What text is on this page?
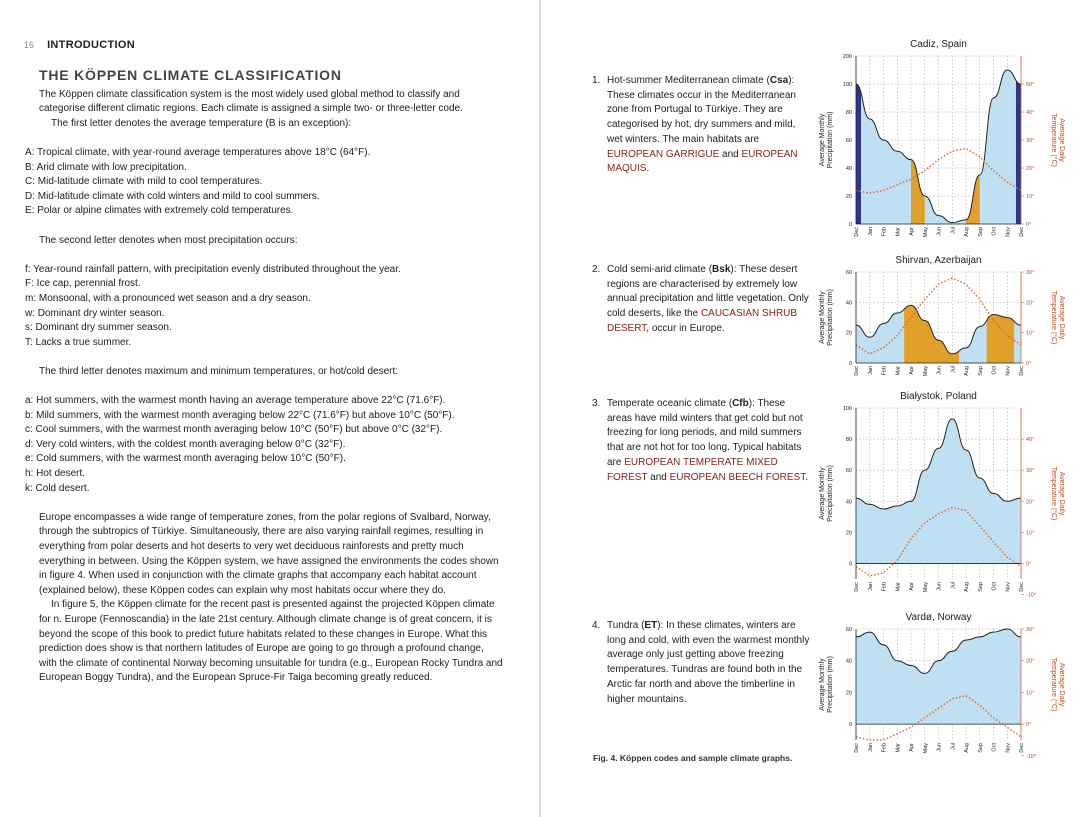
16 INTRODUCTION
THE KÖPPEN CLIMATE CLASSIFICATION

The Köppen climate classification system is the most widely used global method to classify and categorise different climatic regions. Each climate is assigned a simple two- or three-letter code.

The first letter denotes the average temperature (B is an exception):

A: Tropical climate, with year-round average temperatures above 18°C (64°F).

B: Arid climate with low precipitation.

C: Mid-latitude climate with mild to cool temperatures.

D: Mid-latitude climate with cold winters and mild to cool summers.

E: Polar or alpine climates with extremely cold temperatures.

The second letter denotes when most precipitation occurs:

f: Year-round rainfall pattern, with precipitation evenly distributed throughout the year.

F: Ice cap, perennial frost.

m: Monsoonal, with a pronounced wet season and a dry season.

w: Dominant dry winter season.

s: Dominant dry summer season.

T: Lacks a true summer.

The third letter denotes maximum and minimum temperatures, or hot/cold desert:

a: Hot summers, with the warmest month having an average temperature above 22°C (71.6°F).

b: Mild summers, with the warmest month averaging below 22°C (71.6°F) but above 10°C (50°F).

c: Cool summers, with the warmest month averaging below 10°C (50°F) but above 0°C (32°F).

d: Very cold winters, with the coldest month averaging below 0°C (32°F).

e: Cold summers, with the warmest month averaging below 10°C (50°F).

h: Hot desert.

k: Cold desert.

Europe encompasses a wide range of temperature zones, from the polar regions of Svalbard, Norway, through the subtropics of Türkiye. Simultaneously, there are also varying rainfall regimes, resulting in everything from polar deserts and hot deserts to very wet deciduous rainforests and pretty much everything in between. Using the Köppen system, we have assigned the environments the codes shown in figure 4. When used in conjunction with the climate graphs that accompany each habitat account (explained below), these Köppen codes can explain why most habitats occur where they do.

In figure 5, the Köppen climate for the recent past is presented against the projected Köppen climate for n. Europe (Fennoscandia) in the late 21st century. Although climate change is of great concern, it is beyond the scope of this book to predict future habitats related to these changes in Europe. What this prediction does show is that northern latitudes of Europe are going to go through a profound change, with the climate of continental Norway becoming unsuitable for tundra (e.g., European Rocky Tundra and European Boggy Tundra), and the European Spruce-Fir Taiga becoming greatly reduced.

1. Hot-summer Mediterranean climate (Csa): These climates occur in the Mediterranean zone from Portugal to Türkiye. They are categorised by hot, dry summers and mild, wet winters. The main habitats are EUROPEAN GARRIGUE and EUROPEAN MAQUIS.
2. Cold semi-arid climate (Bsk): These desert regions are characterised by extremely low annual precipitation and little vegetation. Only cold deserts, like the CAUCASIAN SHRUB DESERT, occur in Europe.
3. Temperate oceanic climate (Cfb): These areas have mild winters that get cold but not freezing for long periods, and mild summers that are not hot for too long. Typical habitats are EUROPEAN TEMPERATE MIXED FOREST and EUROPEAN BEECH FOREST.
4. Tundra (ET): In these climates, winters are long and cold, with even the warmest monthly average only just getting above freezing temperatures. Tundras are found both in the Arctic far north and above the timberline in higher mountains.
Fig. 4. Köppen codes and sample climate graphs.
Cadiz, Spain
0
20
40
60
80
100
200
0°
10°
20°
30°
40°
50°
Dec Jan Feb Mar Apr May Jun Jul Aug Sep Oct Nov Dec
Average MonthlyPrecipitation (mm)	Average DailyTemperature (°C)
Shirvan, Azerbaijan
0
20
40
60
0°
10°
20°
30°
Dec Jan Feb Mar Apr May Jun Jul Aug Sep Oct Nov Dec
Average MonthlyPrecipitation (mm)	Average DailyTemperature (°C)
Białystok, Poland
0
20
40
60
80
100
-10°
0°
10°
20°
30°
40°
Dec Jan Feb Mar Apr May Jun Jul Aug Sep Oct Nov Dec
Average MonthlyPrecipitation (mm)	Average DailyTemperature (°C)
Vardø, Norway
0
20
40
60
-10°
0°
10°
20°
30°
Dec Jan Feb Mar Apr May Jun Jul Aug Sep Oct Nov Dec
Average MonthlyPrecipitation (mm)	Average DailyTemperature (°C)
